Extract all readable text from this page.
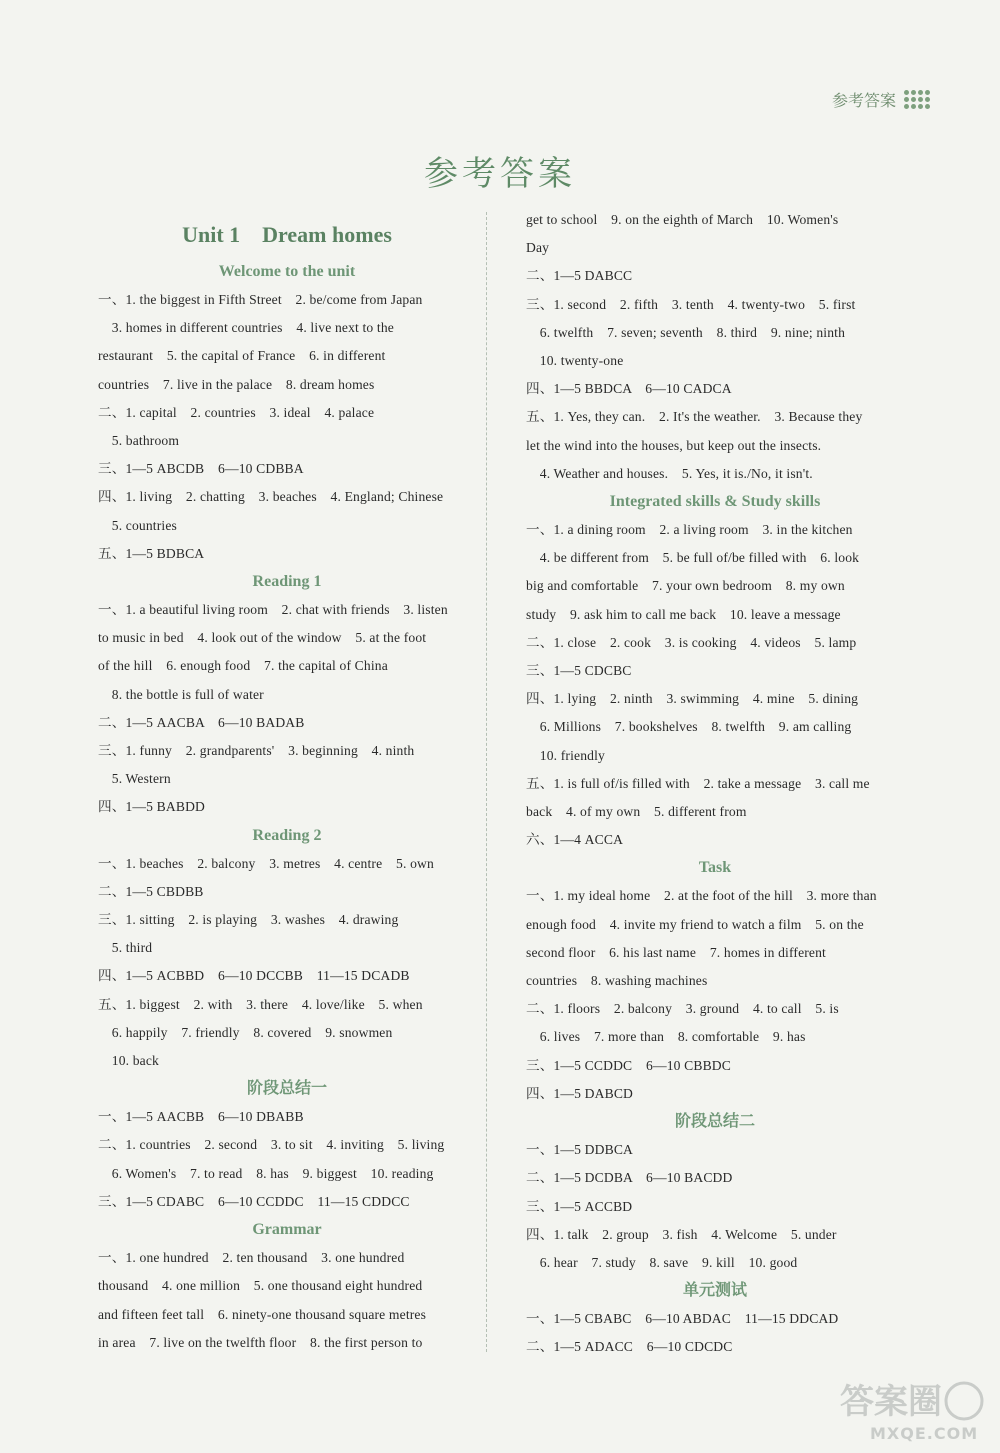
参考答案
参考答案
Unit 1　Dream homes
Welcome to the unit
一、1. the biggest in Fifth Street　2. be/come from Japan
　3. homes in different countries　4. live next to the
restaurant　5. the capital of France　6. in different
countries　7. live in the palace　8. dream homes
二、1. capital　2. countries　3. ideal　4. palace
　5. bathroom
三、1—5 ABCDB　6—10 CDBBA
四、1. living　2. chatting　3. beaches　4. England; Chinese
　5. countries
五、1—5 BDBCA
Reading 1
一、1. a beautiful living room　2. chat with friends　3. listen
to music in bed　4. look out of the window　5. at the foot
of the hill　6. enough food　7. the capital of China
　8. the bottle is full of water
二、1—5 AACBA　6—10 BADAB
三、1. funny　2. grandparents'　3. beginning　4. ninth
　5. Western
四、1—5 BABDD
Reading 2
一、1. beaches　2. balcony　3. metres　4. centre　5. own
二、1—5 CBDBB
三、1. sitting　2. is playing　3. washes　4. drawing
　5. third
四、1—5 ACBBD　6—10 DCCBB　11—15 DCADB
五、1. biggest　2. with　3. there　4. love/like　5. when
　6. happily　7. friendly　8. covered　9. snowmen
　10. back
阶段总结一
一、1—5 AACBB　6—10 DBABB
二、1. countries　2. second　3. to sit　4. inviting　5. living
　6. Women's　7. to read　8. has　9. biggest　10. reading
三、1—5 CDABC　6—10 CCDDC　11—15 CDDCC
Grammar
一、1. one hundred　2. ten thousand　3. one hundred
thousand　4. one million　5. one thousand eight hundred
and fifteen feet tall　6. ninety-one thousand square metres
in area　7. live on the twelfth floor　8. the first person to
get to school　9. on the eighth of March　10. Women's
Day
二、1—5 DABCC
三、1. second　2. fifth　3. tenth　4. twenty-two　5. first
　6. twelfth　7. seven; seventh　8. third　9. nine; ninth
　10. twenty-one
四、1—5 BBDCA　6—10 CADCA
五、1. Yes, they can.　2. It's the weather.　3. Because they
let the wind into the houses, but keep out the insects.
　4. Weather and houses.　5. Yes, it is./No, it isn't.
Integrated skills & Study skills
一、1. a dining room　2. a living room　3. in the kitchen
　4. be different from　5. be full of/be filled with　6. look
big and comfortable　7. your own bedroom　8. my own
study　9. ask him to call me back　10. leave a message
二、1. close　2. cook　3. is cooking　4. videos　5. lamp
三、1—5 CDCBC
四、1. lying　2. ninth　3. swimming　4. mine　5. dining
　6. Millions　7. bookshelves　8. twelfth　9. am calling
　10. friendly
五、1. is full of/is filled with　2. take a message　3. call me
back　4. of my own　5. different from
六、1—4 ACCA
Task
一、1. my ideal home　2. at the foot of the hill　3. more than
enough food　4. invite my friend to watch a film　5. on the
second floor　6. his last name　7. homes in different
countries　8. washing machines
二、1. floors　2. balcony　3. ground　4. to call　5. is
　6. lives　7. more than　8. comfortable　9. has
三、1—5 CCDDC　6—10 CBBDC
四、1—5 DABCD
阶段总结二
一、1—5 DDBCA
二、1—5 DCDBA　6—10 BACDD
三、1—5 ACCBD
四、1. talk　2. group　3. fish　4. Welcome　5. under
　6. hear　7. study　8. save　9. kill　10. good
单元测试
一、1—5 CBABC　6—10 ABDAC　11—15 DDCAD
二、1—5 ADACC　6—10 CDCDC
答案圈
MXQE.COM
